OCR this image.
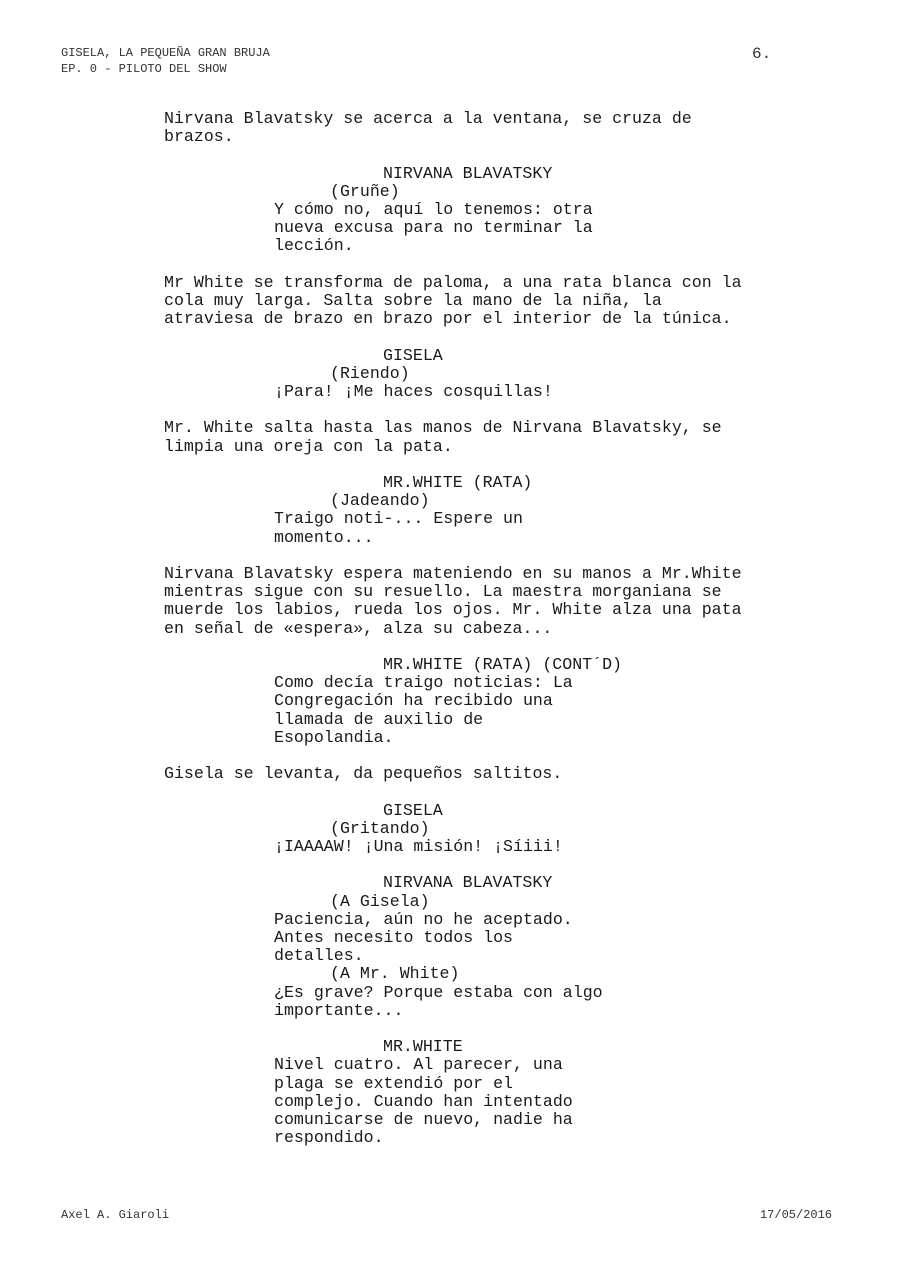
GISELA, LA PEQUEÑA GRAN BRUJA
EP. 0 - PILOTO DEL SHOW
6.
Nirvana Blavatsky se acerca a la ventana, se cruza de
brazos.
NIRVANA BLAVATSKY
(Gruñe)
Y cómo no, aquí lo tenemos: otra
nueva excusa para no terminar la
lección.
Mr White se transforma de paloma, a una rata blanca con la
cola muy larga. Salta sobre la mano de la niña, la
atraviesa de brazo en brazo por el interior de la túnica.
GISELA
(Riendo)
¡Para! ¡Me haces cosquillas!
Mr. White salta hasta las manos de Nirvana Blavatsky, se
limpia una oreja con la pata.
MR.WHITE (RATA)
(Jadeando)
Traigo noti-... Espere un
momento...
Nirvana Blavatsky espera mateniendo en su manos a Mr.White
mientras sigue con su resuello. La maestra morganiana se
muerde los labios, rueda los ojos. Mr. White alza una pata
en señal de «espera», alza su cabeza...
MR.WHITE (RATA) (CONT´D)
Como decía traigo noticias: La
Congregación ha recibido una
llamada de auxilio de
Esopolandia.
Gisela se levanta, da pequeños saltitos.
GISELA
(Gritando)
¡IAAAAW! ¡Una misión! ¡Síiii!
NIRVANA BLAVATSKY
(A Gisela)
Paciencia, aún no he aceptado.
Antes necesito todos los
detalles.
(A Mr. White)
¿Es grave? Porque estaba con algo
importante...
MR.WHITE
Nivel cuatro. Al parecer, una
plaga se extendió por el
complejo. Cuando han intentado
comunicarse de nuevo, nadie ha
respondido.
Axel A. Giaroli	17/05/2016
